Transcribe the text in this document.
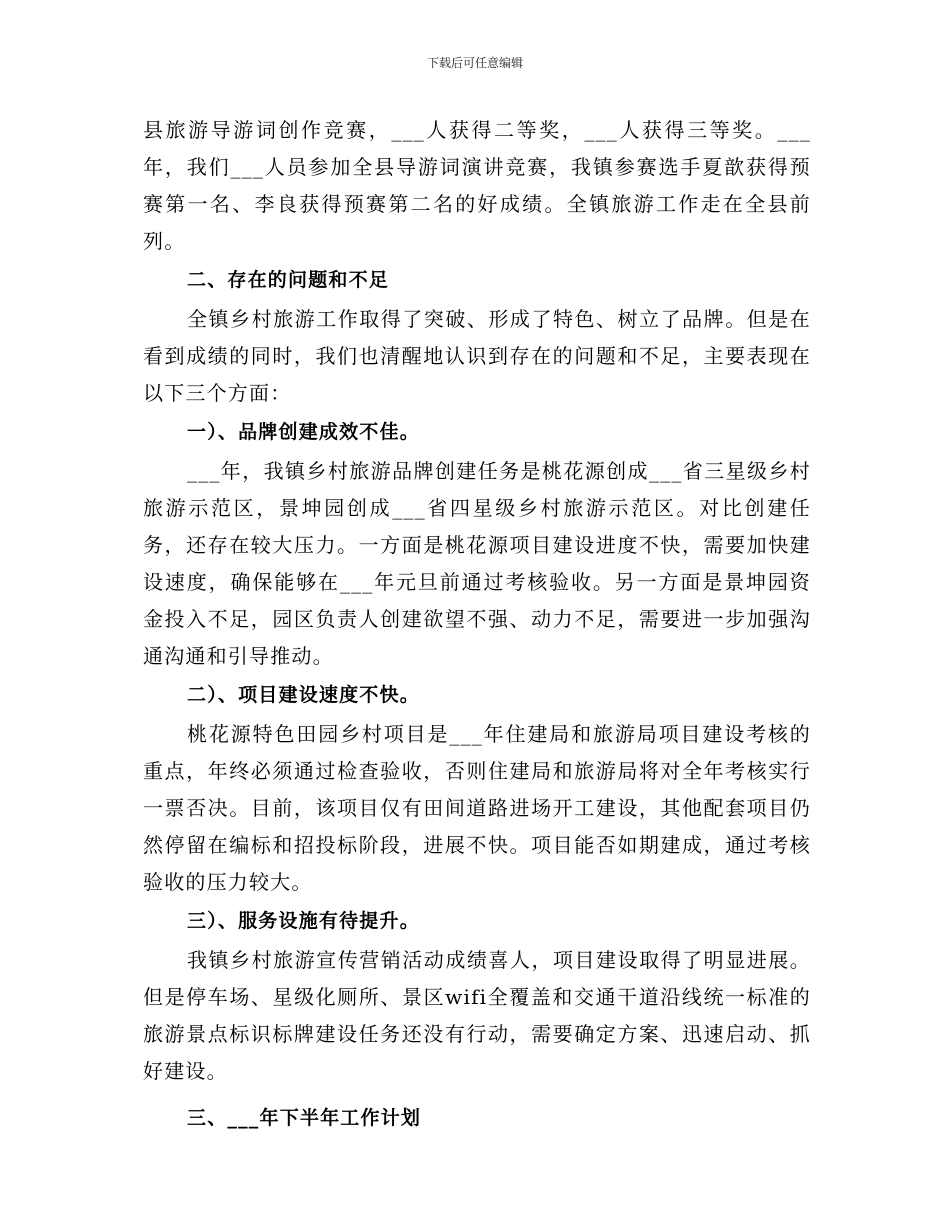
下载后可任意编辑

县旅游导游词创作竞赛，___人获得二等奖，___人获得三等奖。___年，我们___人员参加全县导游词演讲竞赛，我镇参赛选手夏歆获得预赛第一名、李良获得预赛第二名的好成绩。全镇旅游工作走在全县前列。

二、存在的问题和不足

全镇乡村旅游工作取得了突破、形成了特色、树立了品牌。但是在看到成绩的同时，我们也清醒地认识到存在的问题和不足，主要表现在以下三个方面：

一）、品牌创建成效不佳。

___年，我镇乡村旅游品牌创建任务是桃花源创成___省三星级乡村旅游示范区，景坤园创成___省四星级乡村旅游示范区。对比创建任务，还存在较大压力。一方面是桃花源项目建设进度不快，需要加快建设速度，确保能够在___年元旦前通过考核验收。另一方面是景坤园资金投入不足，园区负责人创建欲望不强、动力不足，需要进一步加强沟通沟通和引导推动。

二）、项目建设速度不快。

桃花源特色田园乡村项目是___年住建局和旅游局项目建设考核的重点，年终必须通过检查验收，否则住建局和旅游局将对全年考核实行一票否决。目前，该项目仅有田间道路进场开工建设，其他配套项目仍然停留在编标和招投标阶段，进展不快。项目能否如期建成，通过考核验收的压力较大。

三）、服务设施有待提升。

我镇乡村旅游宣传营销活动成绩喜人，项目建设取得了明显进展。但是停车场、星级化厕所、景区wifi全覆盖和交通干道沿线统一标准的旅游景点标识标牌建设任务还没有行动，需要确定方案、迅速启动、抓好建设。

三、___年下半年工作计划
